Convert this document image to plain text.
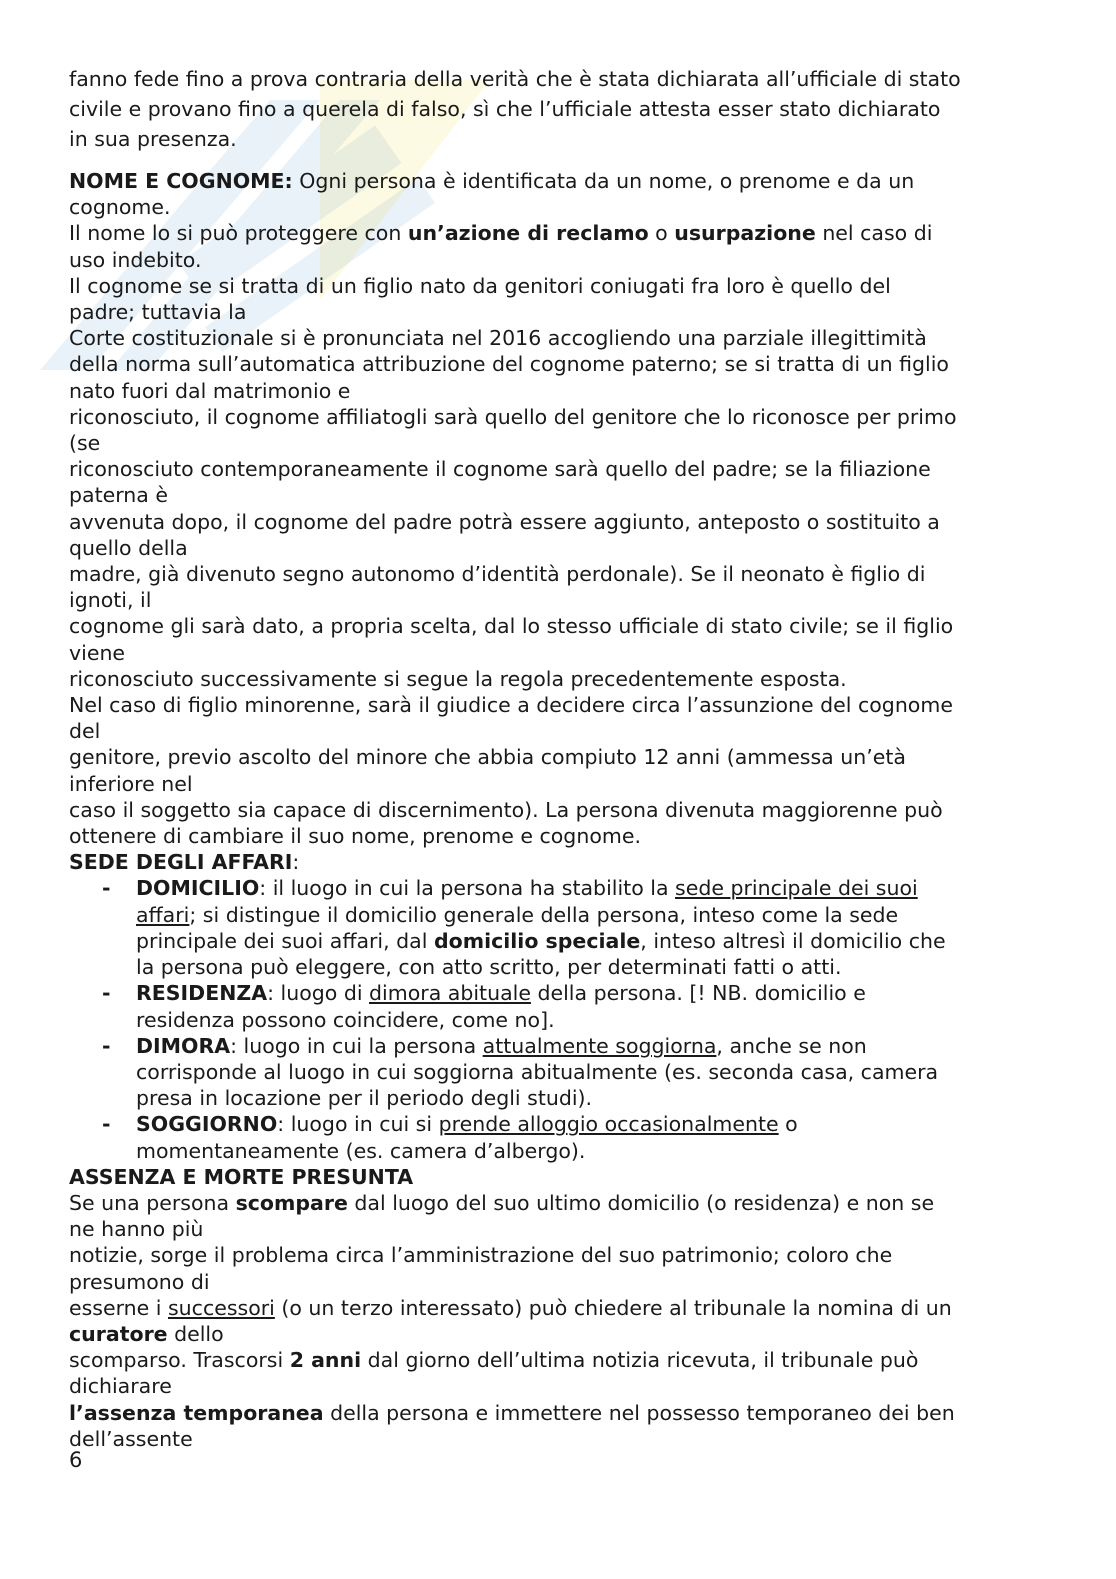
fanno fede fino a prova contraria della verità che è stata dichiarata all’ufficiale di stato

civile e provano fino a querela di falso, sì che l’ufficiale attesta esser stato dichiarato

in sua presenza.

NOME E COGNOME: Ogni persona è identificata da un nome, o prenome e da un

cognome.

Il nome lo si può proteggere con un’azione di reclamo o usurpazione nel caso di

uso indebito.

Il cognome se si tratta di un figlio nato da genitori coniugati fra loro è quello del

padre; tuttavia la

Corte costituzionale si è pronunciata nel 2016 accogliendo una parziale illegittimità

della norma sull’automatica attribuzione del cognome paterno; se si tratta di un figlio

nato fuori dal matrimonio e

riconosciuto, il cognome affiliatogli sarà quello del genitore che lo riconosce per primo

(se

riconosciuto contemporaneamente il cognome sarà quello del padre; se la filiazione

paterna è

avvenuta dopo, il cognome del padre potrà essere aggiunto, anteposto o sostituito a

quello della

madre, già divenuto segno autonomo d’identità perdonale). Se il neonato è figlio di

ignoti, il

cognome gli sarà dato, a propria scelta, dal lo stesso ufficiale di stato civile; se il figlio

viene

riconosciuto successivamente si segue la regola precedentemente esposta.

Nel caso di figlio minorenne, sarà il giudice a decidere circa l’assunzione del cognome

del

genitore, previo ascolto del minore che abbia compiuto 12 anni (ammessa un’età

inferiore nel

caso il soggetto sia capace di discernimento). La persona divenuta maggiorenne può

ottenere di cambiare il suo nome, prenome e cognome.

SEDE DEGLI AFFARI:

- DOMICILIO: il luogo in cui la persona ha stabilito la sede principale dei suoi
affari; si distingue il domicilio generale della persona, inteso come la sede
principale dei suoi affari, dal domicilio speciale, inteso altresì il domicilio che
la persona può eleggere, con atto scritto, per determinati fatti o atti.
- RESIDENZA: luogo di dimora abituale della persona. [! NB. domicilio e
residenza possono coincidere, come no].
- DIMORA: luogo in cui la persona attualmente soggiorna, anche se non
corrisponde al luogo in cui soggiorna abitualmente (es. seconda casa, camera
presa in locazione per il periodo degli studi).
- SOGGIORNO: luogo in cui si prende alloggio occasionalmente o
momentaneamente (es. camera d’albergo).

ASSENZA E MORTE PRESUNTA

Se una persona scompare dal luogo del suo ultimo domicilio (o residenza) e non se

ne hanno più

notizie, sorge il problema circa l’amministrazione del suo patrimonio; coloro che

presumono di

esserne i successori (o un terzo interessato) può chiedere al tribunale la nomina di un

curatore dello

scomparso. Trascorsi 2 anni dal giorno dell’ultima notizia ricevuta, il tribunale può

dichiarare

l’assenza temporanea della persona e immettere nel possesso temporaneo dei ben

dell’assente

6
